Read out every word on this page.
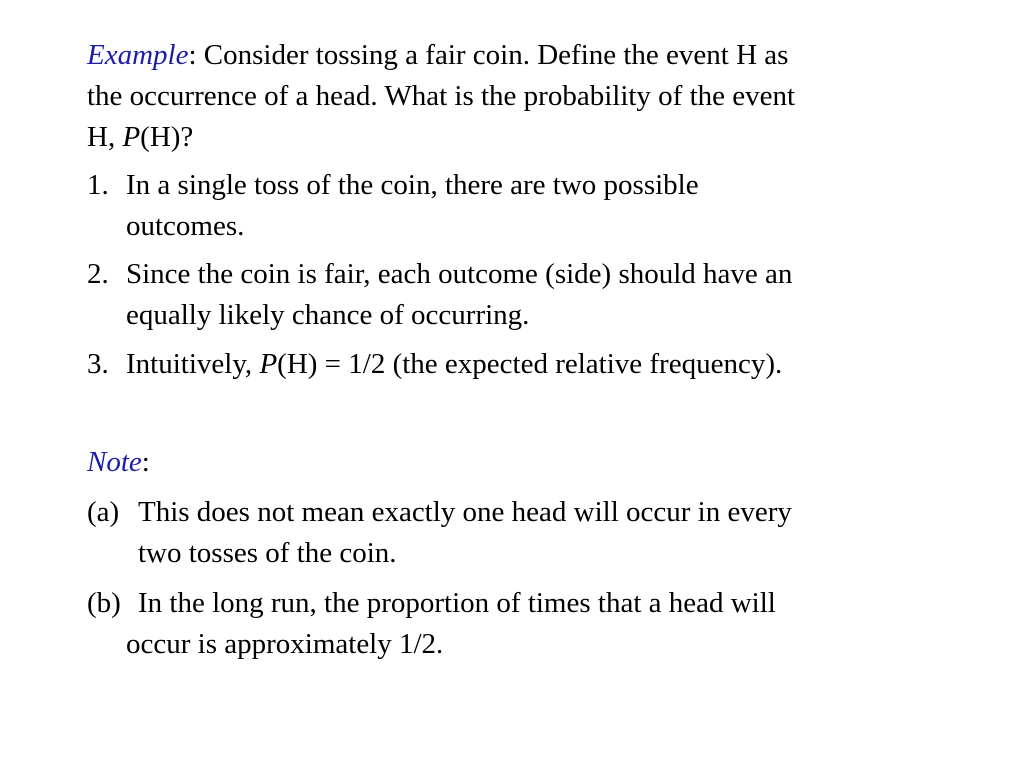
Example: Consider tossing a fair coin. Define the event H as
the occurrence of a head. What is the probability of the event
H, P(H)?
1. In a single toss of the coin, there are two possible
outcomes.
2. Since the coin is fair, each outcome (side) should have an
equally likely chance of occurring.
3. Intuitively, P(H) = 1/2 (the expected relative frequency).
Note:
(a) This does not mean exactly one head will occur in every
two tosses of the coin.
(b) In the long run, the proportion of times that a head will
occur is approximately 1/2.
